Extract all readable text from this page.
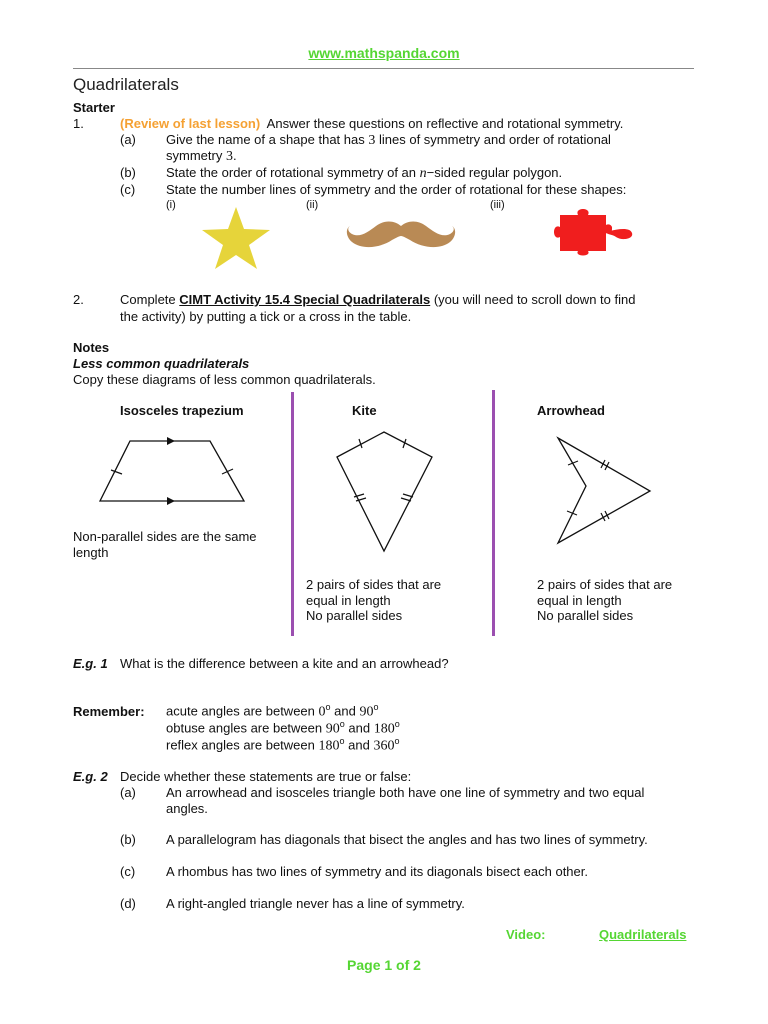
www.mathspanda.com
Quadrilaterals
Starter
1.	(Review of last lesson) Answer these questions on reflective and rotational symmetry.
(a) Give the name of a shape that has 3 lines of symmetry and order of rotational
symmetry 3.
(b) State the order of rotational symmetry of an n−sided regular polygon.
(c) State the number lines of symmetry and the order of rotational for these shapes:
(i)	(ii)	(iii)
2.	Complete CIMT Activity 15.4 Special Quadrilaterals (you will need to scroll down to find
the activity) by putting a tick or a cross in the table.
Notes
Less common quadrilaterals
Copy these diagrams of less common quadrilaterals.
Isosceles trapezium	Kite	Arrowhead
Non-parallel sides are the same
length
2 pairs of sides that are
equal in length
No parallel sides
2 pairs of sides that are
equal in length
No parallel sides
E.g. 1 What is the difference between a kite and an arrowhead?
Remember: acute angles are between 0$^o$ and 90$^o$
obtuse angles are between 90$^o$ and 180$^o$
reflex angles are between 180$^o$ and 360$^o$
E.g. 2 Decide whether these statements are true or false:
(a) An arrowhead and isosceles triangle both have one line of symmetry and two equal
angles.
(b) A parallelogram has diagonals that bisect the angles and has two lines of symmetry.
(c) A rhombus has two lines of symmetry and its diagonals bisect each other.
(d) A right-angled triangle never has a line of symmetry.
Video:	Quadrilaterals
Page 1 of 2
